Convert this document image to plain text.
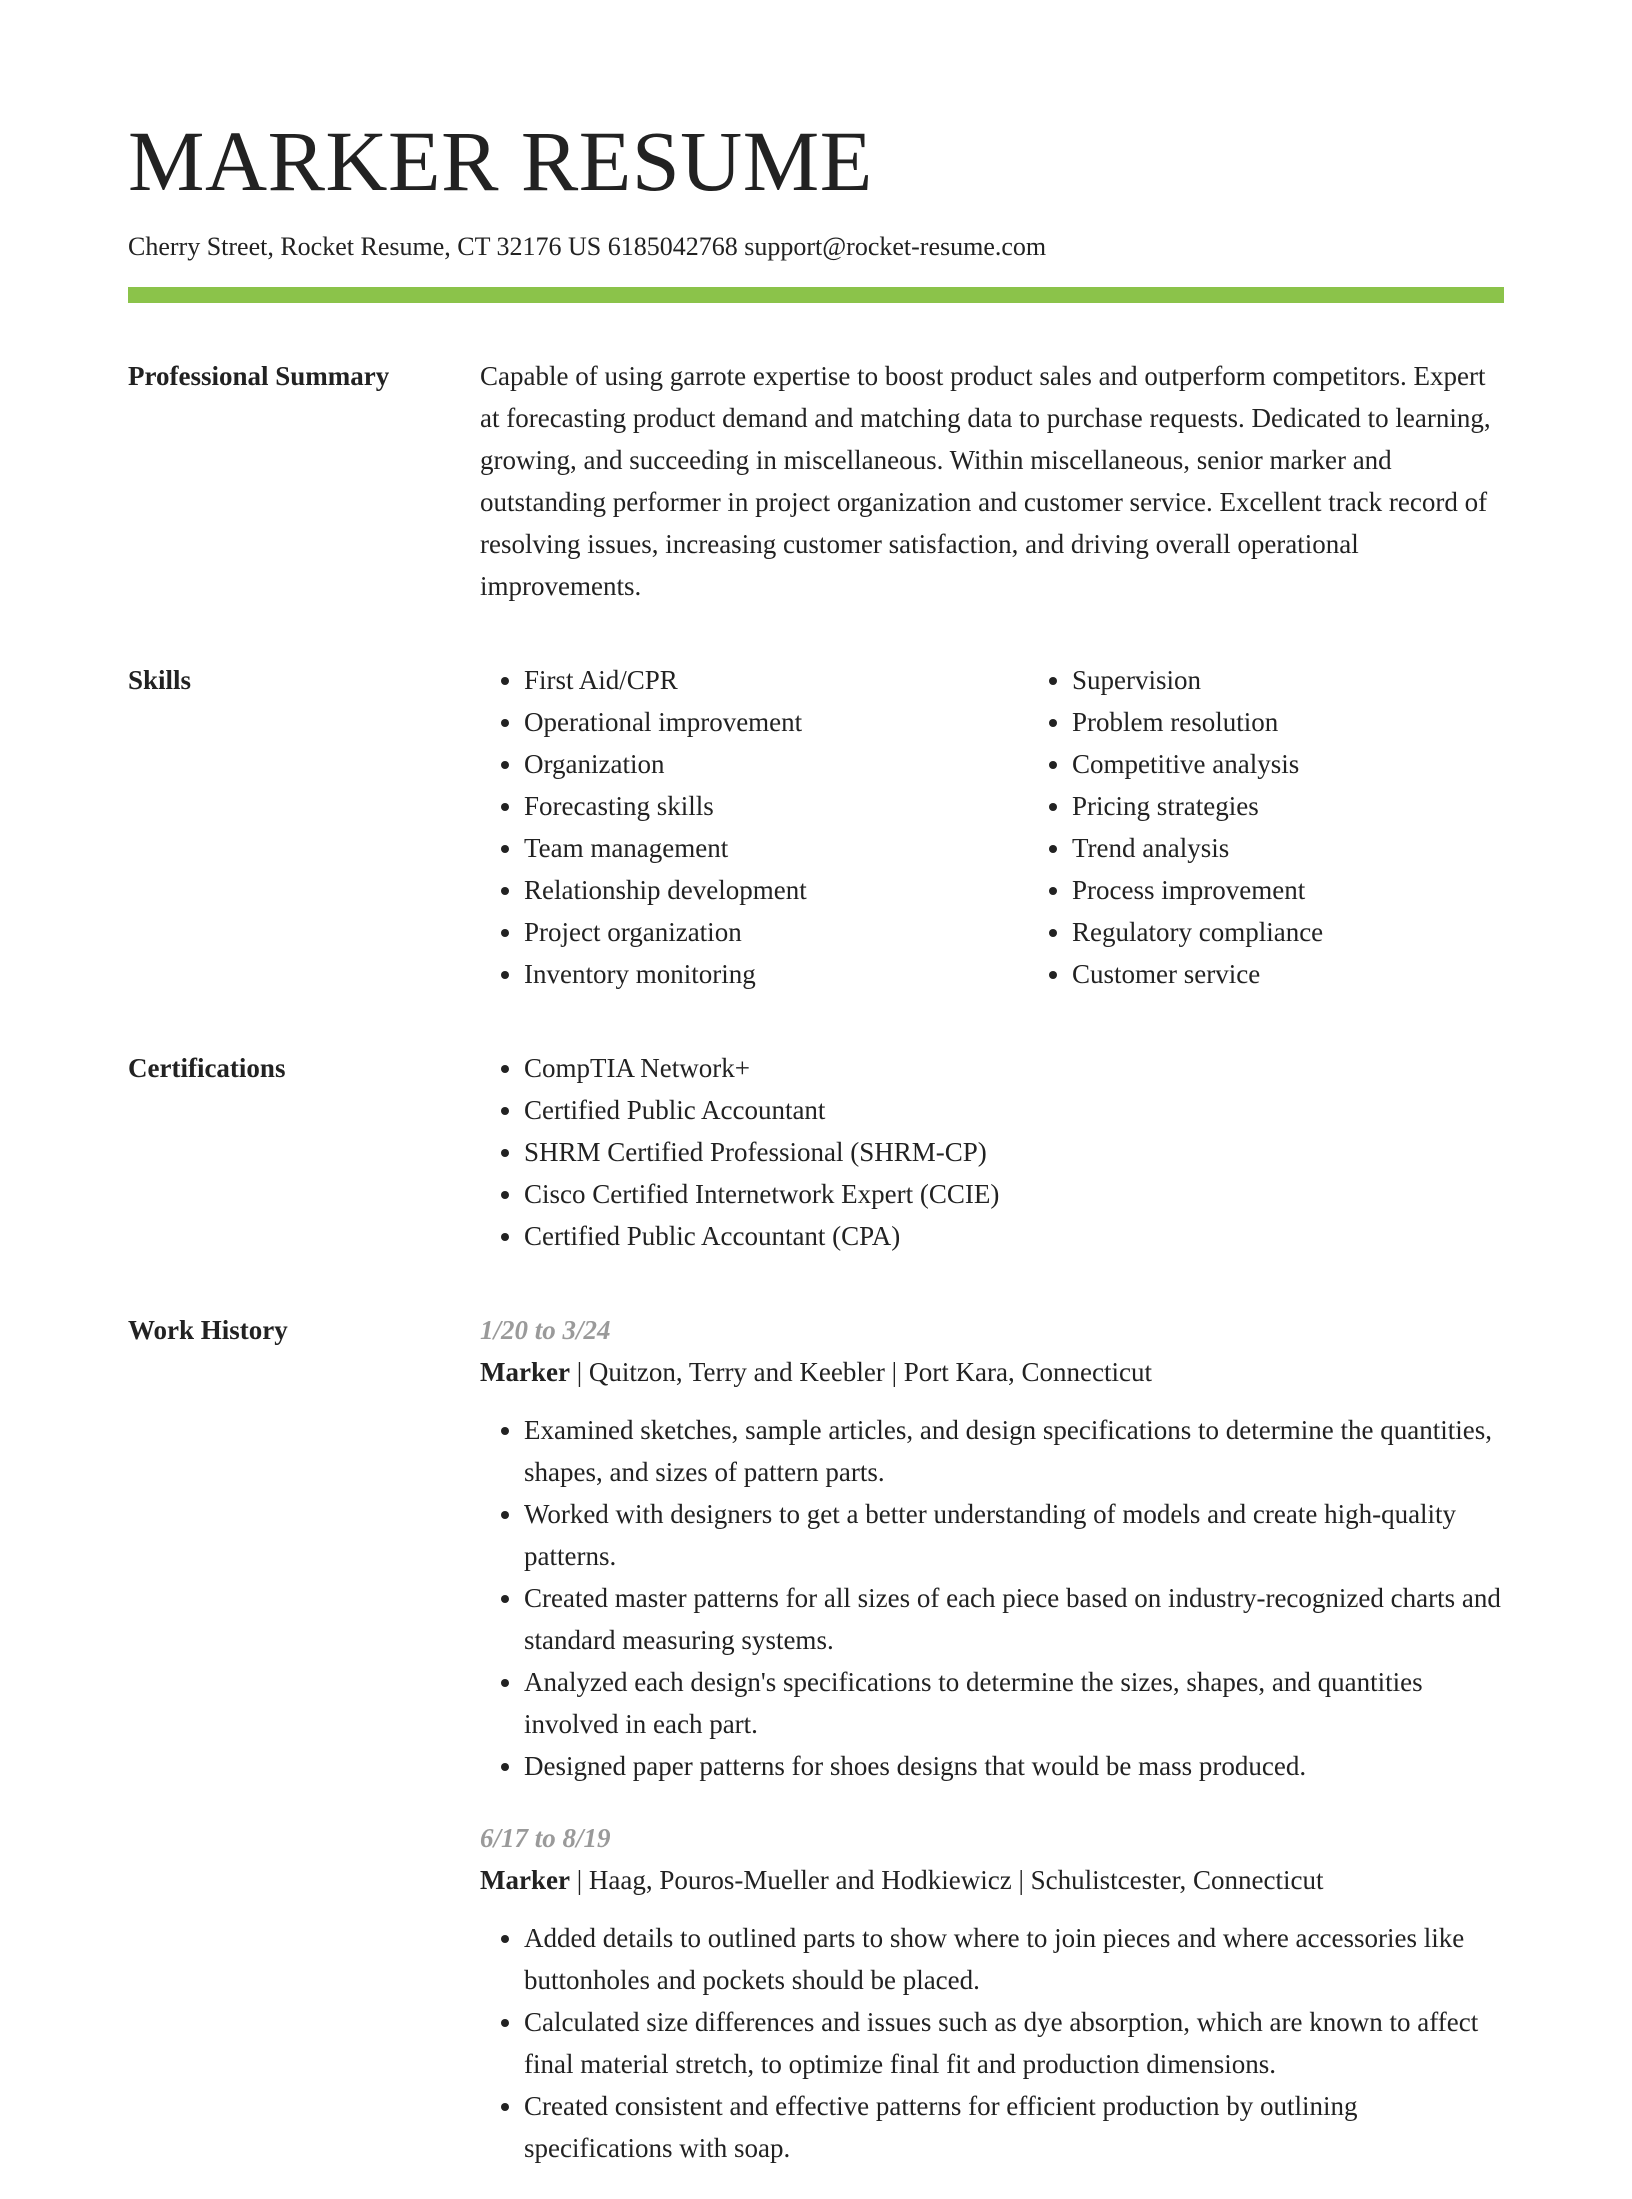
MARKER RESUME
Cherry Street, Rocket Resume, CT 32176 US 6185042768 support@rocket-resume.com
Professional Summary	Capable of using garrote expertise to boost product sales and outperform competitors. Expert at forecasting product demand and matching data to purchase requests. Dedicated to learning, growing, and succeeding in miscellaneous. Within miscellaneous, senior marker and outstanding performer in project organization and customer service. Excellent track record of resolving issues, increasing customer satisfaction, and driving overall operational improvements.

Skills	• First Aid/CPR
• Operational improvement
• Organization
• Forecasting skills
• Team management
• Relationship development
• Project organization
• Inventory monitoring
• Supervision
• Problem resolution
• Competitive analysis
• Pricing strategies
• Trend analysis
• Process improvement
• Regulatory compliance
• Customer service
Certifications	• CompTIA Network+
• Certified Public Accountant
• SHRM Certified Professional (SHRM-CP)
• Cisco Certified Internetwork Expert (CCIE)
• Certified Public Accountant (CPA)
Work History	1/20 to 3/24
Marker | Quitzon, Terry and Keebler | Port Kara, Connecticut
• Examined sketches, sample articles, and design specifications to determine the quantities, shapes, and sizes of pattern parts.
• Worked with designers to get a better understanding of models and create high-quality patterns.
• Created master patterns for all sizes of each piece based on industry-recognized charts and standard measuring systems.
• Analyzed each design's specifications to determine the sizes, shapes, and quantities involved in each part.
• Designed paper patterns for shoes designs that would be mass produced.
6/17 to 8/19
Marker | Haag, Pouros-Mueller and Hodkiewicz | Schulistcester, Connecticut
• Added details to outlined parts to show where to join pieces and where accessories like buttonholes and pockets should be placed.
• Calculated size differences and issues such as dye absorption, which are known to affect final material stretch, to optimize final fit and production dimensions.
• Created consistent and effective patterns for efficient production by outlining specifications with soap.
